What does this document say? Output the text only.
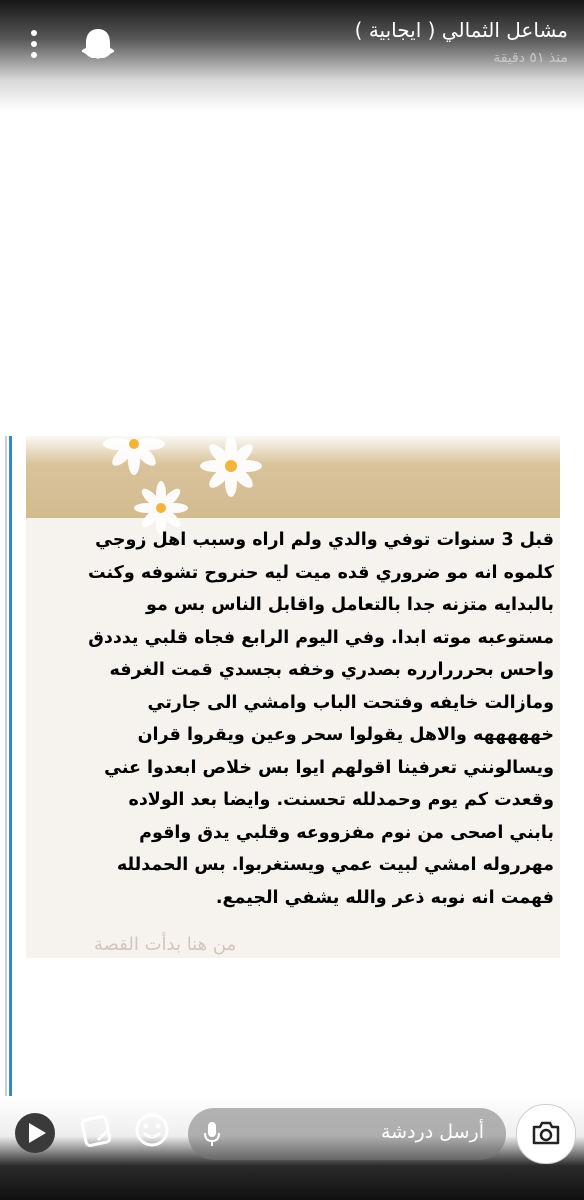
مشاعل الثمالي ( ايجابية )
منذ ٥١ دقيقة

قبل 3 سنوات توفي والدي ولم اراه وسبب اهل زوجي
كلموه انه مو ضروري قده ميت ليه حنروح تشوفه وكنت
بالبدايه متزنه جدا بالتعامل واقابل الناس بس مو
مستوعبه موته ابدا. وفي اليوم الرابع فجاه قلبي يدددق
واحس بحرررارره بصدري وخفه بجسدي قمت الغرفه
ومازالت خايفه وفتحت الباب وامشي الى جارتي
خهههههه والاهل يقولوا سحر وعين ويقروا قران
ويسالونني تعرفينا اقولهم ايوا بس خلاص ابعدوا عني
وقعدت كم يوم وحمدلله تحسنت. وايضا بعد الولاده
بابني اصحى من نوم مفزووعه وقلبي يدق واقوم
مهرروله امشي لبيت عمي ويستغربوا. بس الحمدلله
فهمت انه نوبه ذعر والله يشفي الجيمع.

من هنا بدأت القصة
أرسل دردشة
